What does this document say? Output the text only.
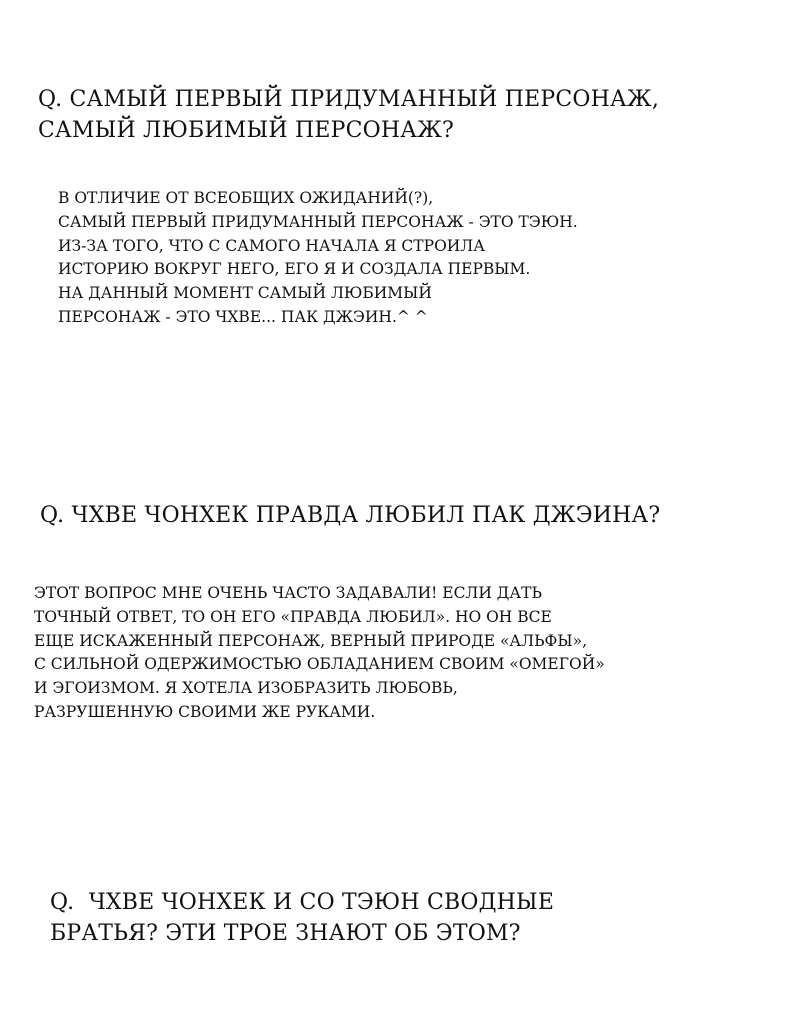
Q. САМЫЙ ПЕРВЫЙ ПРИДУМАННЫЙ ПЕРСОНАЖ,
САМЫЙ ЛЮБИМЫЙ ПЕРСОНАЖ?
В ОТЛИЧИЕ ОТ ВСЕОБЩИХ ОЖИДАНИЙ(?),
САМЫЙ ПЕРВЫЙ ПРИДУМАННЫЙ ПЕРСОНАЖ - ЭТО ТЭЮН.
ИЗ-ЗА ТОГО, ЧТО С САМОГО НАЧАЛА Я СТРОИЛА
ИСТОРИЮ ВОКРУГ НЕГО, ЕГО Я И СОЗДАЛА ПЕРВЫМ.
НА ДАННЫЙ МОМЕНТ САМЫЙ ЛЮБИМЫЙ
ПЕРСОНАЖ - ЭТО ЧХВЕ... ПАК ДЖЭИН.^ ^
Q. ЧХВЕ ЧОНХЕК ПРАВДА ЛЮБИЛ ПАК ДЖЭИНА?
ЭТОТ ВОПРОС МНЕ ОЧЕНЬ ЧАСТО ЗАДАВАЛИ! ЕСЛИ ДАТЬ
ТОЧНЫЙ ОТВЕТ, ТО ОН ЕГО «ПРАВДА ЛЮБИЛ». НО ОН ВСЕ
ЕЩЕ ИСКАЖЕННЫЙ ПЕРСОНАЖ, ВЕРНЫЙ ПРИРОДЕ «АЛЬФЫ»,
С СИЛЬНОЙ ОДЕРЖИМОСТЬЮ ОБЛАДАНИЕМ СВОИМ «ОМЕГОЙ»
И ЭГОИЗМОМ. Я ХОТЕЛА ИЗОБРАЗИТЬ ЛЮБОВЬ,
РАЗРУШЕННУЮ СВОИМИ ЖЕ РУКАМИ.
Q.  ЧХВЕ ЧОНХЕК И СО ТЭЮН СВОДНЫЕ
БРАТЬЯ? ЭТИ ТРОЕ ЗНАЮТ ОБ ЭТОМ?
